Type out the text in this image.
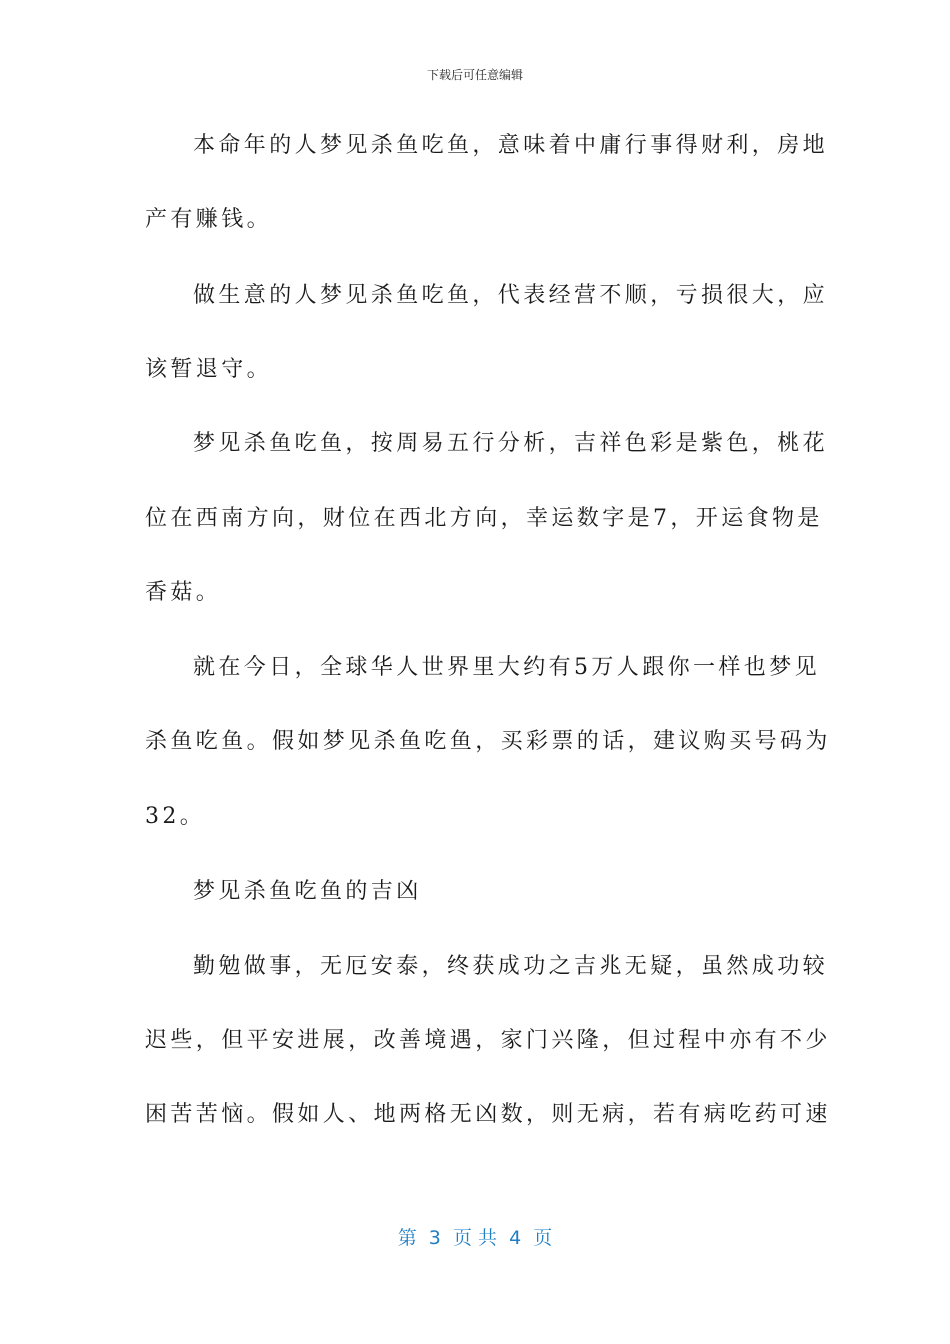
下载后可任意编辑
本命年的人梦见杀鱼吃鱼，意味着中庸行事得财利，房地
产有赚钱。
做生意的人梦见杀鱼吃鱼，代表经营不顺，亏损很大，应
该暂退守。
梦见杀鱼吃鱼，按周易五行分析，吉祥色彩是紫色，桃花
位在西南方向，财位在西北方向，幸运数字是7，开运食物是
香菇。
就在今日，全球华人世界里大约有5万人跟你一样也梦见
杀鱼吃鱼。假如梦见杀鱼吃鱼，买彩票的话，建议购买号码为
32。
梦见杀鱼吃鱼的吉凶
勤勉做事，无厄安泰，终获成功之吉兆无疑，虽然成功较
迟些，但平安进展，改善境遇，家门兴隆，但过程中亦有不少
困苦苦恼。假如人、地两格无凶数，则无病，若有病吃药可速
第  3  页 共  4  页
